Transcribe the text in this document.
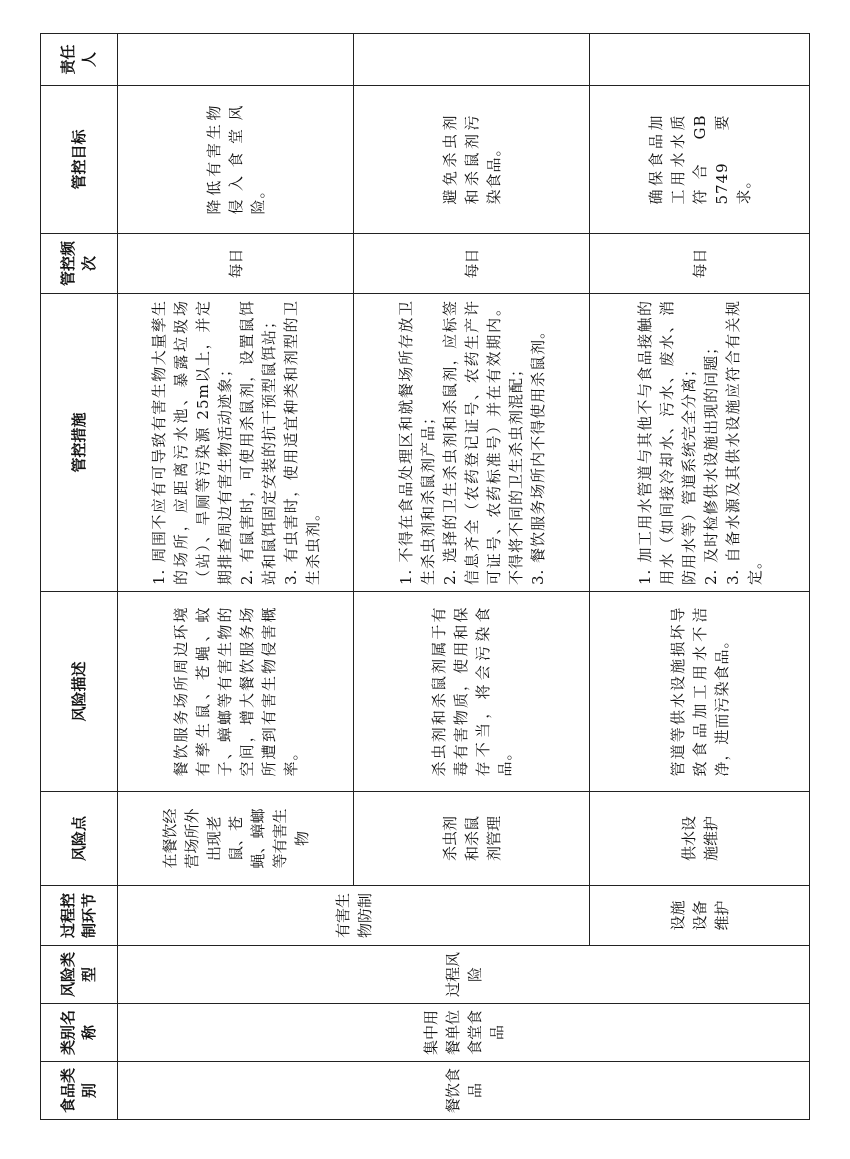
食品类别	类别名称	风险类型	过程控制环节	风险点	风险描述	管控措施	管控频次	管控目标	责任人
餐饮食品	集中用餐单位食堂食品	过程风险	有害生物防制	在餐饮经营场所外出现老鼠、苍蝇、蟑螂等有害生物	餐饮服务场所周边环境有孳生鼠、苍蝇、蚊子、蟑螂等有害生物的空间，增大餐饮服务场所遭到有害生物侵害概率。	1. 周围不应有可导致有害生物大量孳生的场所，应距离污水池、暴露垃圾场（站）、旱厕等污染源 25m以上，并定期排查周边有害生物活动迹象； 2. 有鼠害时，可使用杀鼠剂，设置鼠饵站和鼠饵固定安装的抗干预型鼠饵站； 3. 有虫害时，使用适宜种类和剂型的卫生杀虫剂。	每日	降低有害生物侵入食堂风险。	

				杀虫剂和杀鼠剂管理	杀虫剂和杀鼠剂属于有毒有害物质，使用和保存不当，将会污染食品。	1. 不得在食品处理区和就餐场所存放卫生杀虫剂和杀鼠剂产品； 2. 选择的卫生杀虫剂和杀鼠剂，应标签信息齐全（农药登记证号、农药生产许可证号、农药标准号）并在有效期内。不得将不同的卫生杀虫剂混配； 3. 餐饮服务场所内不得使用杀鼠剂。	每日	避免杀虫剂和杀鼠剂污染食品。	

			设施设备维护	供水设施维护	管道等供水设施损坏导致食品加工用水不洁净，进而污染食品。	1. 加工用水管道与其他不与食品接触的用水（如间接冷却水、污水、废水、消防用水等）管道系统完全分离； 2. 及时检修供水设施出现的问题； 3. 自备水源及其供水设施应符合有关规定。	每日	确保食品加工用水水质符合 GB 5749 要求。	
